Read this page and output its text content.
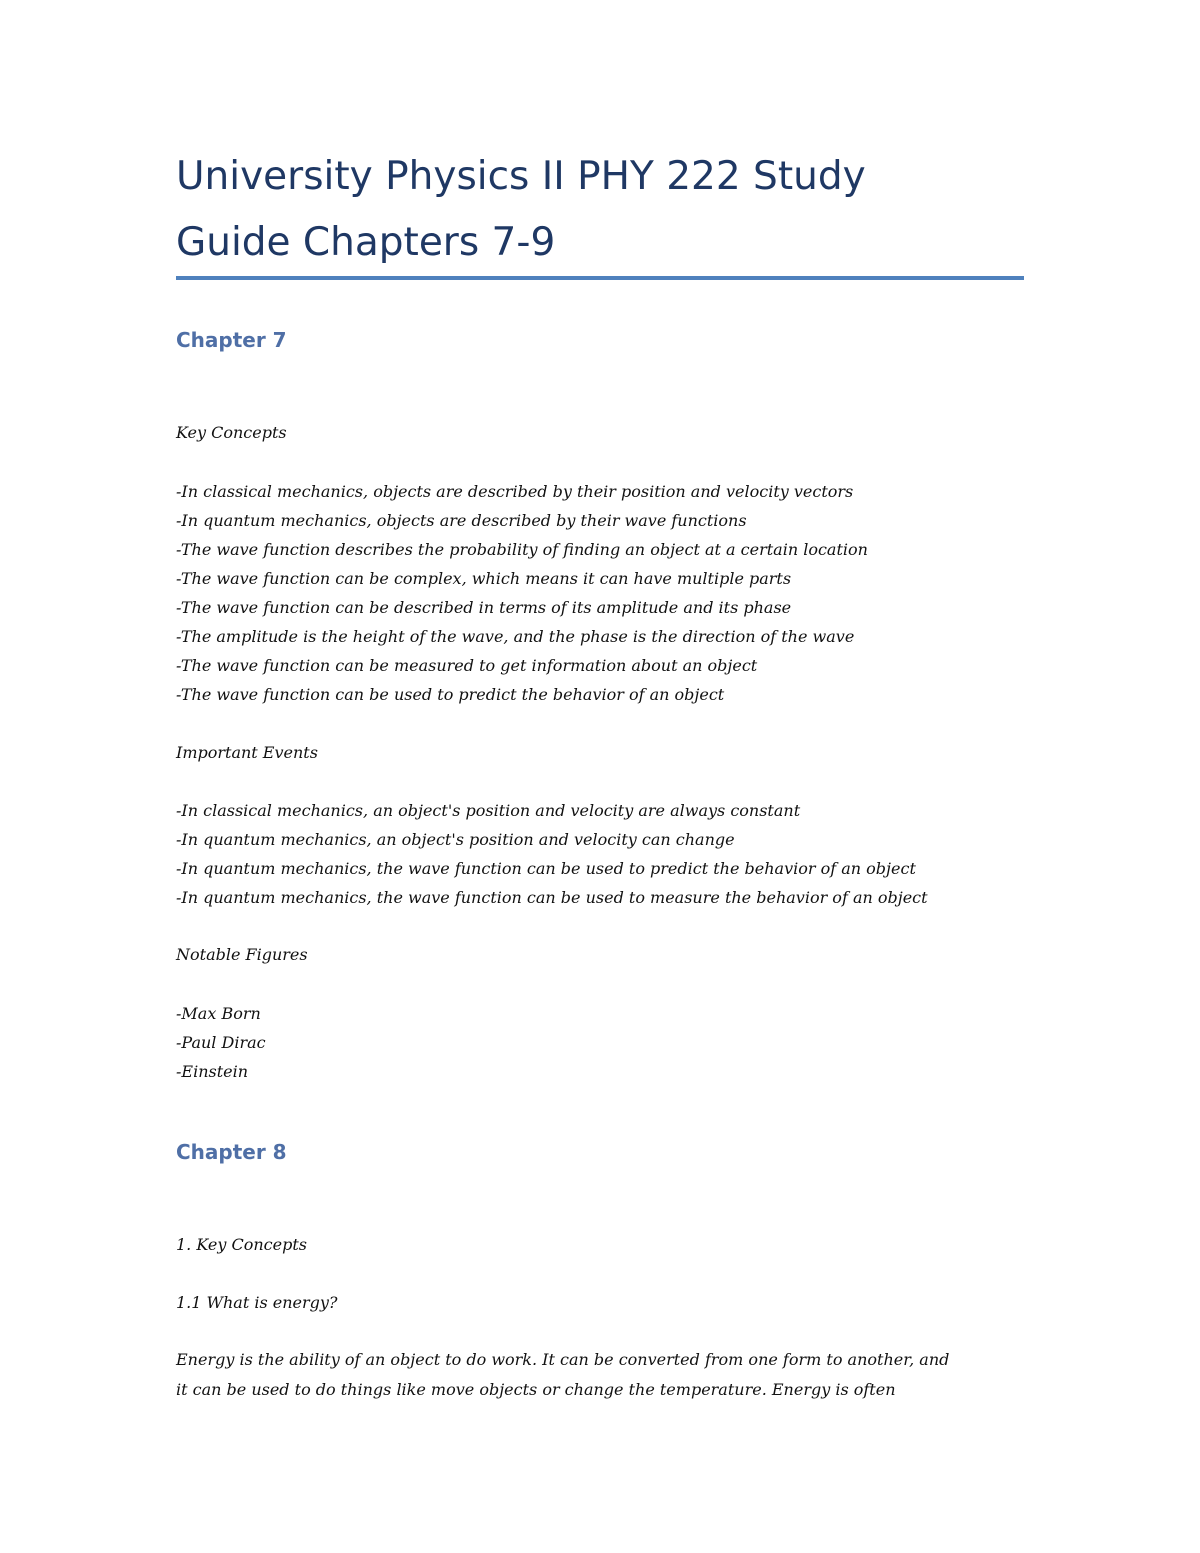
University Physics II PHY 222 Study
Guide Chapters 7-9
Chapter 7

Key Concepts

-In classical mechanics, objects are described by their position and velocity vectors

-In quantum mechanics, objects are described by their wave functions

-The wave function describes the probability of finding an object at a certain location

-The wave function can be complex, which means it can have multiple parts

-The wave function can be described in terms of its amplitude and its phase

-The amplitude is the height of the wave, and the phase is the direction of the wave

-The wave function can be measured to get information about an object

-The wave function can be used to predict the behavior of an object

Important Events

-In classical mechanics, an object's position and velocity are always constant

-In quantum mechanics, an object's position and velocity can change

-In quantum mechanics, the wave function can be used to predict the behavior of an object

-In quantum mechanics, the wave function can be used to measure the behavior of an object

Notable Figures

-Max Born

-Paul Dirac

-Einstein

Chapter 8

1. Key Concepts

1.1 What is energy?

Energy is the ability of an object to do work. It can be converted from one form to another, and
it can be used to do things like move objects or change the temperature. Energy is often
